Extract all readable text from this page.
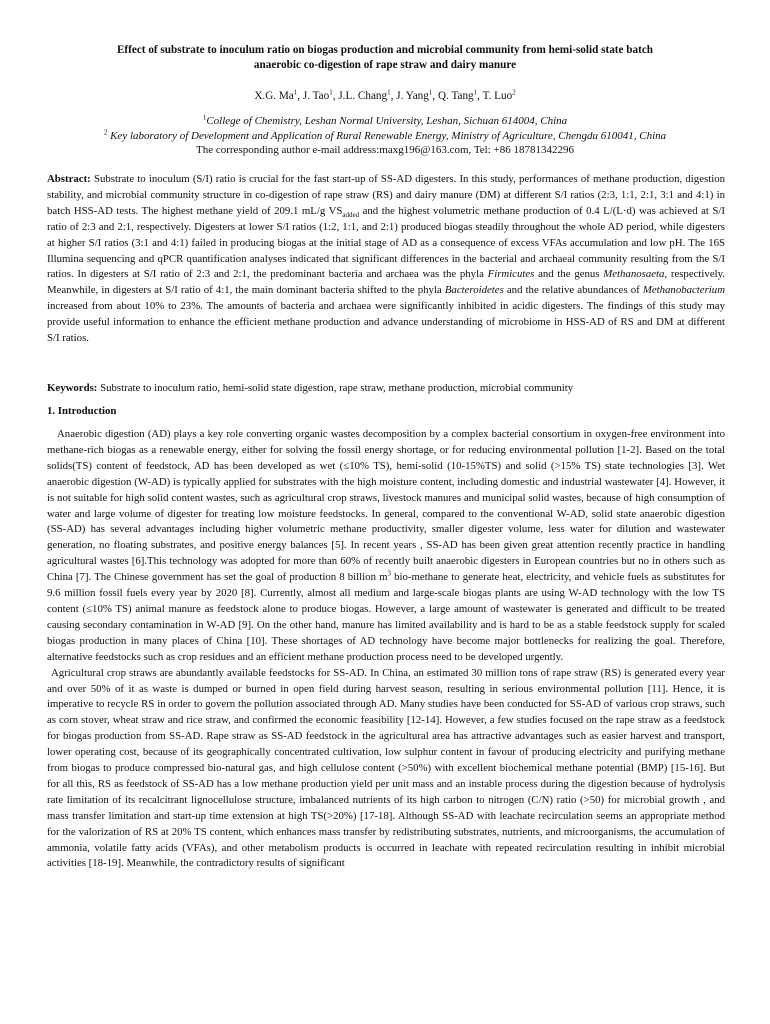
Effect of substrate to inoculum ratio on biogas production and microbial community from hemi-solid state batch
anaerobic co-digestion of rape straw and dairy manure
X.G. Ma$^1$, J. Tao$^1$, J.L. Chang$^1$, J. Yang$^1$, Q. Tang$^1$, T. Luo$^2$
$^1$College of Chemistry, Leshan Normal University, Leshan, Sichuan 614004, China
$^2$ Key laboratory of Development and Application of Rural Renewable Energy, Ministry of Agriculture, Chengdu 610041, China
The corresponding author e-mail address:maxg196@163.com, Tel: +86 18781342296

Abstract: Substrate to inoculum (S/I) ratio is crucial for the fast start-up of SS-AD digesters. In this study, performances of methane production, digestion stability, and microbial community structure in co-digestion of rape straw (RS) and dairy manure (DM) at different S/I ratios (2:3, 1:1, 2:1, 3:1 and 4:1) in batch HSS-AD tests. The highest methane yield of 209.1 mL/g $VS_{added}$ and the highest volumetric methane production of 0.4 L/(L·d) was achieved at S/I ratio of 2:3 and 2:1, respectively. Digesters at lower S/I ratios (1:2, 1:1, and 2:1) produced biogas steadily throughout the whole AD period, while digesters at higher S/I ratios (3:1 and 4:1) failed in producing biogas at the initial stage of AD as a consequence of excess VFAs accumulation and low pH. The 16S Illumina sequencing and qPCR quantification analyses indicated that significant differences in the bacterial and archaeal community resulting from the S/I ratios. In digesters at S/I ratio of 2:3 and 2:1, the predominant bacteria and archaea was the phyla Firmicutes and the genus Methanosaeta, respectively. Meanwhile, in digesters at S/I ratio of 4:1, the main dominant bacteria shifted to the phyla Bacteroidetes and the relative abundances of Methanobacterium increased from about 10% to 23%. The amounts of bacteria and archaea were significantly inhibited in acidic digesters. The findings of this study may provide useful information to enhance the efficient methane production and advance understanding of microbiome in HSS-AD of RS and DM at different S/I ratios.

Keywords: Substrate to inoculum ratio, hemi-solid state digestion, rape straw, methane production, microbial community

1. Introduction

Anaerobic digestion (AD) plays a key role converting organic wastes decomposition by a complex bacterial consortium in oxygen-free environment into methane-rich biogas as a renewable energy, either for solving the fossil energy shortage, or for reducing environmental pollution [1-2]. Based on the total solids(TS) content of feedstock, AD has been developed as wet (≤10% TS), hemi-solid (10-15%TS) and solid (>15% TS) state technologies [3]. Wet anaerobic digestion (W-AD) is typically applied for substrates with the high moisture content, including domestic and industrial wastewater [4]. However, it is not suitable for high solid content wastes, such as agricultural crop straws, livestock manures and municipal solid wastes, because of high consumption of water and large volume of digester for treating low moisture feedstocks. In general, compared to the conventional W-AD, solid state anaerobic digestion (SS-AD) has several advantages including higher volumetric methane productivity, smaller digester volume, less water for dilution and wastewater generation, no floating substrates, and positive energy balances [5]. In recent years , SS-AD has been given great attention recently practice in handling agricultural wastes [6].This technology was adopted for more than 60% of recently built anaerobic digesters in European countries but no in others such as China [7]. The Chinese government has set the goal of production 8 billion $m^3$ bio-methane to generate heat, electricity, and vehicle fuels as substitutes for 9.6 million fossil fuels every year by 2020 [8]. Currently, almost all medium and large-scale biogas plants are using W-AD technology with the low TS content (≤10% TS) animal manure as feedstock alone to produce biogas. However, a large amount of wastewater is generated and difficult to be treated causing secondary contamination in W-AD [9]. On the other hand, manure has limited availability and is hard to be as a stable feedstock supply for scaled biogas production in many places of China [10]. These shortages of AD technology have become major bottlenecks for realizing the goal. Therefore, alternative feedstocks such as crop residues and an efficient methane production process need to be developed urgently.

Agricultural crop straws are abundantly available feedstocks for SS-AD. In China, an estimated 30 million tons of rape straw (RS) is generated every year and over 50% of it as waste is dumped or burned in open field during harvest season, resulting in serious environmental pollution [11]. Hence, it is imperative to recycle RS in order to govern the pollution associated through AD. Many studies have been conducted for SS-AD of various crop straws, such as corn stover, wheat straw and rice straw, and confirmed the economic feasibility [12-14]. However, a few studies focused on the rape straw as a feedstock for biogas production from SS-AD. Rape straw as SS-AD feedstock in the agricultural area has attractive advantages such as easier harvest and transport, lower operating cost, because of its geographically concentrated cultivation, low sulphur content in favour of producing electricity and purifying methane from biogas to produce compressed bio-natural gas, and high cellulose content (>50%) with excellent biochemical methane potential (BMP) [15-16]. But for all this, RS as feedstock of SS-AD has a low methane production yield per unit mass and an instable process during the digestion because of hydrolysis rate limitation of its recalcitrant lignocellulose structure, imbalanced nutrients of its high carbon to nitrogen (C/N) ratio (>50) for microbial growth , and mass transfer limitation and start-up time extension at high TS(>20%) [17-18]. Although SS-AD with leachate recirculation seems an appropriate method for the valorization of RS at 20% TS content, which enhances mass transfer by redistributing substrates, nutrients, and microorganisms, the accumulation of ammonia, volatile fatty acids (VFAs), and other metabolism products is occurred in leachate with repeated recirculation resulting in inhibit microbial activities [18-19]. Meanwhile, the contradictory results of significant
